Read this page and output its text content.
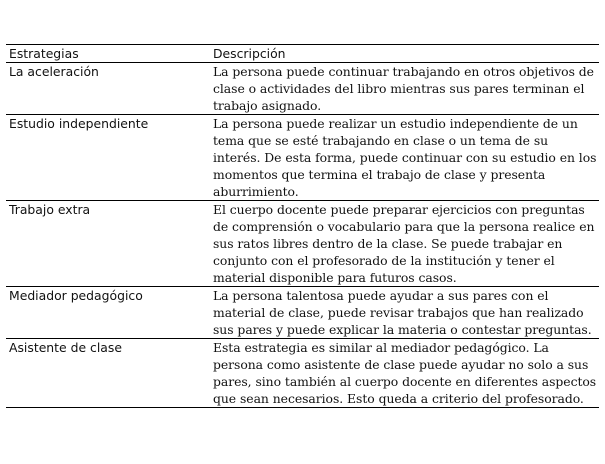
Estrategias	Descripción
La aceleración	La persona puede continuar trabajando en otros objetivos de clase o actividades del libro mientras sus pares terminan el trabajo asignado.
Estudio independiente	La persona puede realizar un estudio independiente de un tema que se esté trabajando en clase o un tema de su interés. De esta forma, puede continuar con su estudio en los momentos que termina el trabajo de clase y presenta aburrimiento.
Trabajo extra	El cuerpo docente puede preparar ejercicios con preguntas de comprensión o vocabulario para que la persona realice en sus ratos libres dentro de la clase. Se puede trabajar en conjunto con el profesorado de la institución y tener el material disponible para futuros casos.
Mediador pedagógico	La persona talentosa puede ayudar a sus pares con el material de clase, puede revisar trabajos que han realizado sus pares y puede explicar la materia o contestar preguntas.
Asistente de clase	Esta estrategia es similar al mediador pedagógico. La persona como asistente de clase puede ayudar no solo a sus pares, sino también al cuerpo docente en diferentes aspectos que sean necesarios. Esto queda a criterio del profesorado.
